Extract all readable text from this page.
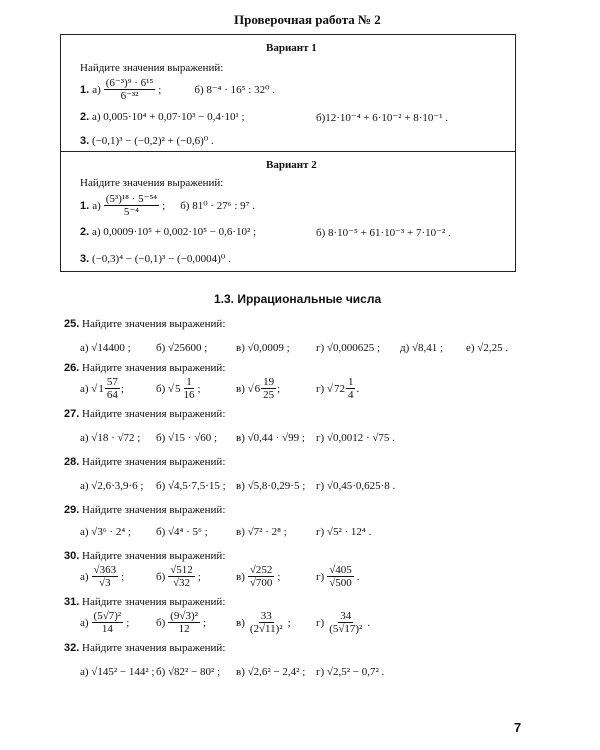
Проверочная работа № 2
Вариант 1
Найдите значения выражений:
1. $а) \frac{\text{(6⁻³)⁹ · 6¹⁵}}{\text{6⁻³²}}$ ;	б) 8⁻⁴ · 16⁵ : 32⁰ .
2. а) 0,005·10⁴ + 0,07·10³ − 0,4·10¹ ;	б)12·10⁻⁴ + 6·10⁻² + 8·10⁻¹ .
3. (−0,1)³ − (−0,2)² + (−0,6)⁰ .
Вариант 2
Найдите значения выражений:
1. $а) \frac{\text{(5³)¹⁸ · 5⁻⁵⁴}}{\text{5⁻⁴}}$ ; б) 81⁰ · 27⁶ : 9⁷ .
2. а) 0,0009·10⁵ + 0,002·10⁵ − 0,6·10² ;	б) 8·10⁻⁵ + 61·10⁻³ + 7·10⁻² .
3. (−0,3)⁴ − (−0,1)³ − (−0,0004)⁰ .
1.3. Иррациональные числа
25. Найдите значения выражений:
а) √14400 ; б) √25600 ;	в) √0,0009 ; г) √0,000625 ; д) √8,41 ; е) √2,25 .
26. Найдите значения выражений:
а) √ $1 \frac{57}{64}$ ;	б) √ $5 \frac{1}{16}$ ;	в) √ $6 \frac{19}{25}$ ;	г) √ $72 \frac{1}{4}$ .
27. Найдите значения выражений:
а) √18 · √72 ; б) √15 · √60 ; в) √0,44 · √99 ; г) √0,0012 · √75 .
28. Найдите значения выражений:
а) √2,6·3,9·6 ; б) √4,5·7,5·15 ; в) √5,8·0,29·5 ; г) √0,45·0,625·8 .
29. Найдите значения выражений:
а) √3⁶ · 2⁴ ; б) √4⁴ · 5⁶ ;	в) √7² · 2⁸ ;	г) √5² · 12⁴ .
30. Найдите значения выражений:
$а) \frac{√363}{√3}$ ;	$б) \frac{√512}{√32}$ ;	$в) \frac{√252}{√700}$ ;	$г) \frac{√405}{√500}$ .
31. Найдите значения выражений:
$а) \frac{\text{(5√7)²}}{14}$ ; $б) \frac{\text{(9√3)²}}{12}$ ;	$в) \frac{33}{\text{(2√11)²}}$ ; $г) \frac{34}{\text{(5√17)²}}$ .
32. Найдите значения выражений:
а) √145² − 144² ; б) √82² − 80² ; в) √2,6² − 2,4² ; г) √2,5² − 0,7² .
7
